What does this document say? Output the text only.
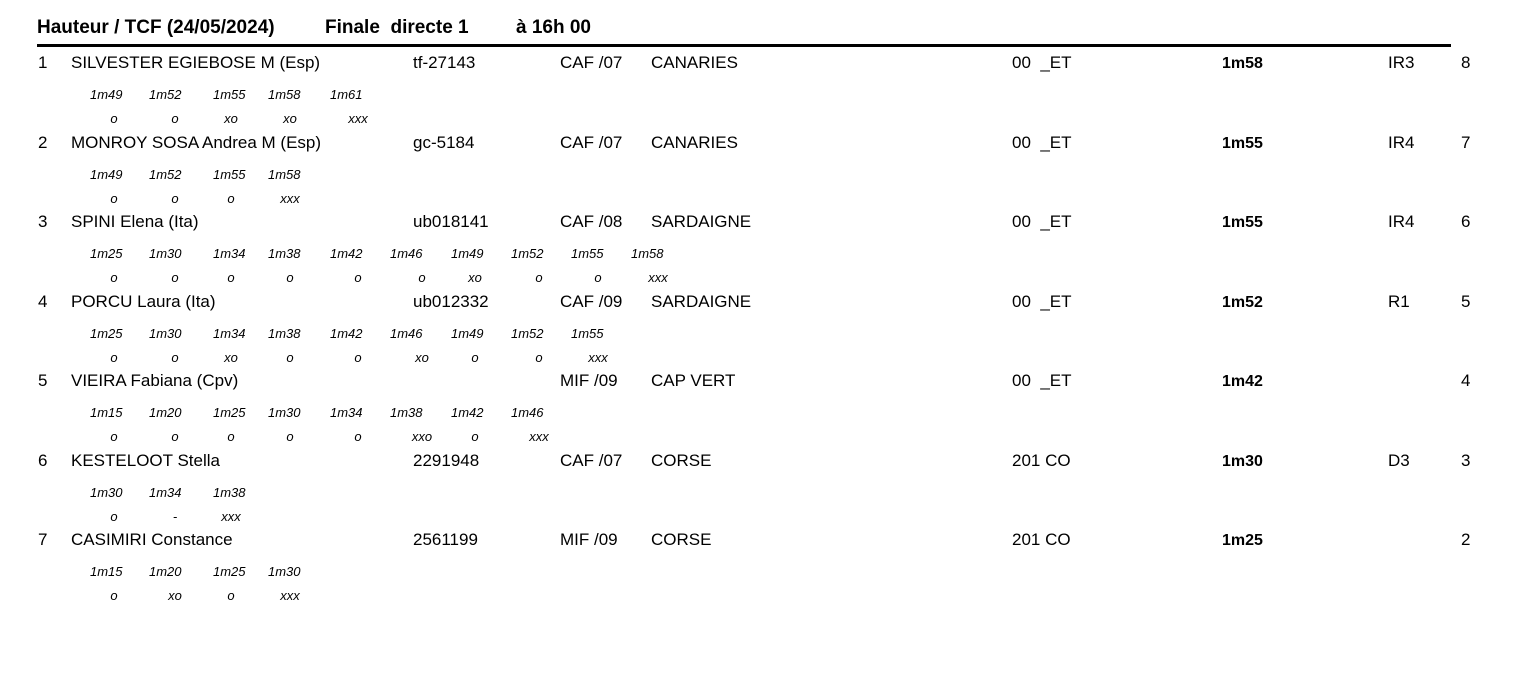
Hauteur / TCF (24/05/2024)	Finale  directe 1 à 16h 00
1 SILVESTER EGIEBOSE M (Esp)	tf-27143	CAF /07 CANARIES	00  _ET	1m58	IR3	8
1m49 1m52 1m55 1m58 1m61
o	o	xo	xo	xxx
2 MONROY SOSA Andrea M (Esp)	gc-5184	CAF /07 CANARIES	00  _ET	1m55	IR4	7
1m49 1m52 1m55 1m58
o	o	o	xxx
3 SPINI Elena (Ita)	ub018141	CAF /08 SARDAIGNE	00  _ET	1m55	IR4	6
1m25 1m30 1m34 1m38 1m42 1m46 1m49 1m52 1m55 1m58
o	o	o	o	o	o	xo	o	o	xxx
4 PORCU Laura (Ita)	ub012332	CAF /09 SARDAIGNE	00  _ET	1m52	R1	5
1m25 1m30 1m34 1m38 1m42 1m46 1m49 1m52 1m55
o	o	xo	o	o	xo	o	o	xxx
5 VIEIRA Fabiana (Cpv)	MIF /09 CAP VERT	00  _ET	1m42	4
1m15 1m20 1m25 1m30 1m34 1m38 1m42 1m46
o	o	o	o	o	xxo	o	xxx
6 KESTELOOT Stella	2291948	CAF /07 CORSE	201 CO	1m30	D3	3
1m30 1m34 1m38
o	-	xxx
7 CASIMIRI Constance	2561199	MIF /09 CORSE	201 CO	1m25	2
1m15 1m20 1m25 1m30
o	xo	o	xxx
